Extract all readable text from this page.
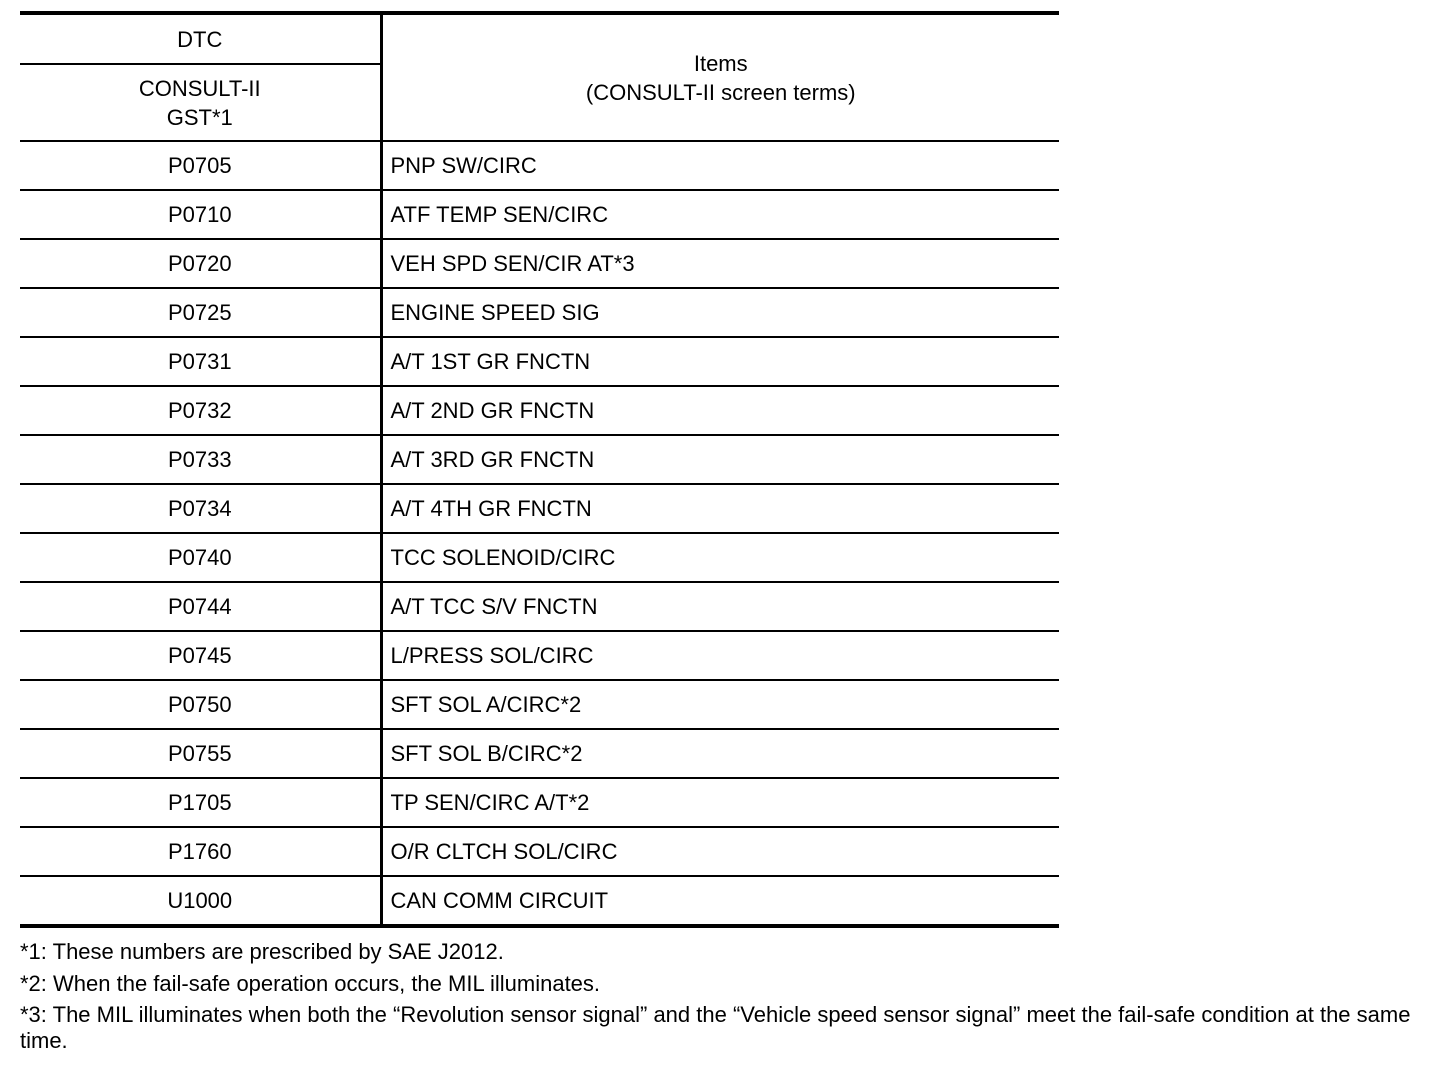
DTC	Items
(CONSULT-II screen terms)

CONSULT-II
GST*1	

P0705	PNP SW/CIRC
P0710	ATF TEMP SEN/CIRC
P0720	VEH SPD SEN/CIR AT*3
P0725	ENGINE SPEED SIG
P0731	A/T 1ST GR FNCTN
P0732	A/T 2ND GR FNCTN
P0733	A/T 3RD GR FNCTN
P0734	A/T 4TH GR FNCTN
P0740	TCC SOLENOID/CIRC
P0744	A/T TCC S/V FNCTN
P0745	L/PRESS SOL/CIRC
P0750	SFT SOL A/CIRC*2
P0755	SFT SOL B/CIRC*2
P1705	TP SEN/CIRC A/T*2
P1760	O/R CLTCH SOL/CIRC
U1000	CAN COMM CIRCUIT

*1: These numbers are prescribed by SAE J2012.

*2: When the fail-safe operation occurs, the MIL illuminates.

*3: The MIL illuminates when both the “Revolution sensor signal” and the “Vehicle speed sensor signal” meet the fail-safe condition at the same time.
